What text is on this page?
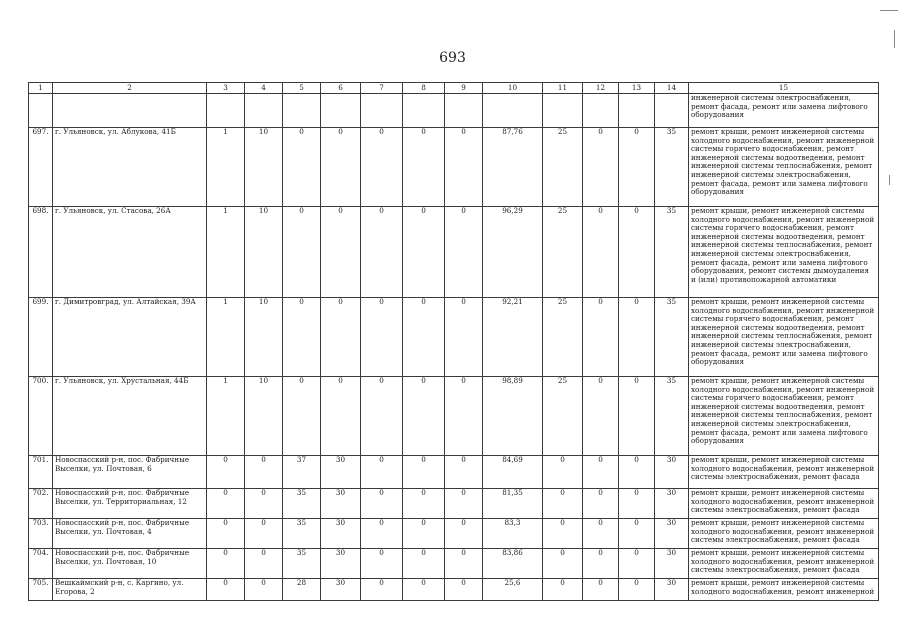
693
1	2	3	4	5	6	7	8	9	10	11	12	13	14	15
														инженерной системы электроснабжения, ремонт фасада, ремонт или замена лифтового оборудования
697.	г. Ульяновск, ул. Аблукова, 41Б	1	10	0	0	0	0	0	87,76	25	0	0	35	ремонт крыши, ремонт инженерной системы холодного водоснабжения, ремонт инженерной системы горячего водоснабжения, ремонт инженерной системы водоотведения, ремонт инженерной системы теплоснабжения, ремонт инженерной системы электроснабжения, ремонт фасада, ремонт или замена лифтового оборудования
698.	г. Ульяновск, ул. Стасова, 26А	1	10	0	0	0	0	0	96,29	25	0	0	35	ремонт крыши, ремонт инженерной системы холодного водоснабжения, ремонт инженерной системы горячего водоснабжения, ремонт инженерной системы водоотведения, ремонт инженерной системы теплоснабжения, ремонт инженерной системы электроснабжения, ремонт фасада, ремонт или замена лифтового оборудования, ремонт системы дымоудаления и (или) противопожарной автоматики
699.	г. Димитровград, ул. Алтайская, 39А	1	10	0	0	0	0	0	92,21	25	0	0	35	ремонт крыши, ремонт инженерной системы холодного водоснабжения, ремонт инженерной системы горячего водоснабжения, ремонт инженерной системы водоотведения, ремонт инженерной системы теплоснабжения, ремонт инженерной системы электроснабжения, ремонт фасада, ремонт или замена лифтового оборудования
700.	г. Ульяновск, ул. Хрустальная, 44Б	1	10	0	0	0	0	0	98,89	25	0	0	35	ремонт крыши, ремонт инженерной системы холодного водоснабжения, ремонт инженерной системы горячего водоснабжения, ремонт инженерной системы водоотведения, ремонт инженерной системы теплоснабжения, ремонт инженерной системы электроснабжения, ремонт фасада, ремонт или замена лифтового оборудования
701.	Новоспасский р-н, пос. Фабричные Выселки, ул. Почтовая, 6	0	0	37	30	0	0	0	84,69	0	0	0	30	ремонт крыши, ремонт инженерной системы холодного водоснабжения, ремонт инженерной системы электроснабжения, ремонт фасада
702.	Новоспасский р-н, пос. Фабричные Выселки, ул. Территориальная, 12	0	0	35	30	0	0	0	81,35	0	0	0	30	ремонт крыши, ремонт инженерной системы холодного водоснабжения, ремонт инженерной системы электроснабжения, ремонт фасада
703.	Новоспасский р-н, пос. Фабричные Выселки, ул. Почтовая, 4	0	0	35	30	0	0	0	83,3	0	0	0	30	ремонт крыши, ремонт инженерной системы холодного водоснабжения, ремонт инженерной системы электроснабжения, ремонт фасада
704.	Новоспасский р-н, пос. Фабричные Выселки, ул. Почтовая, 10	0	0	35	30	0	0	0	83,86	0	0	0	30	ремонт крыши, ремонт инженерной системы холодного водоснабжения, ремонт инженерной системы электроснабжения, ремонт фасада
705.	Вешкаймский р-н, с. Каргино, ул. Егорова, 2	0	0	28	30	0	0	0	25,6	0	0	0	30	ремонт крыши, ремонт инженерной системы холодного водоснабжения, ремонт инженерной
